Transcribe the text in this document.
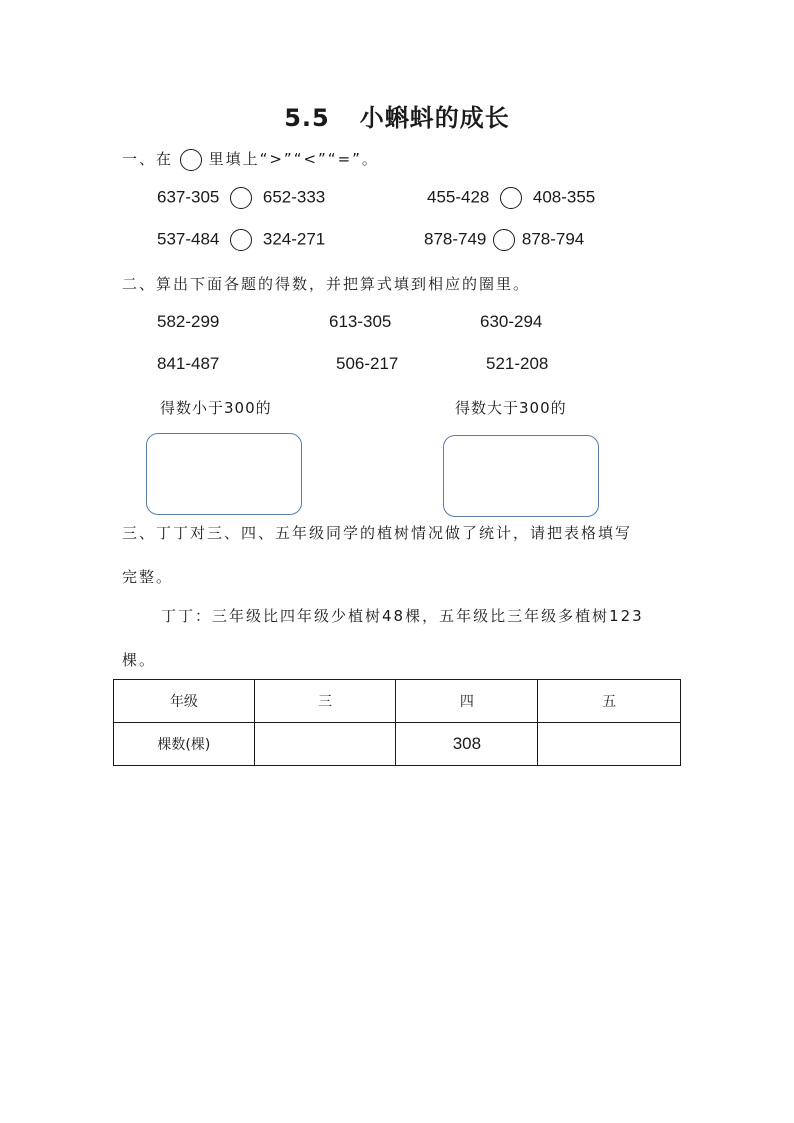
5.5 小蝌蚪的成长
一、在 里填上“>”“<”“=”。
637-305	652-333	455-428	408-355
537-484	324-271	878-749 878-794
二、算出下面各题的得数，并把算式填到相应的圈里。
582-299	613-305	630-294
841-487	506-217	521-208
得数小于300的	得数大于300的
三、丁丁对三、四、五年级同学的植树情况做了统计，请把表格填写
完整。
丁丁：三年级比四年级少植树48棵，五年级比三年级多植树123
棵。
年级	三	四	五
棵数(棵)		308	
